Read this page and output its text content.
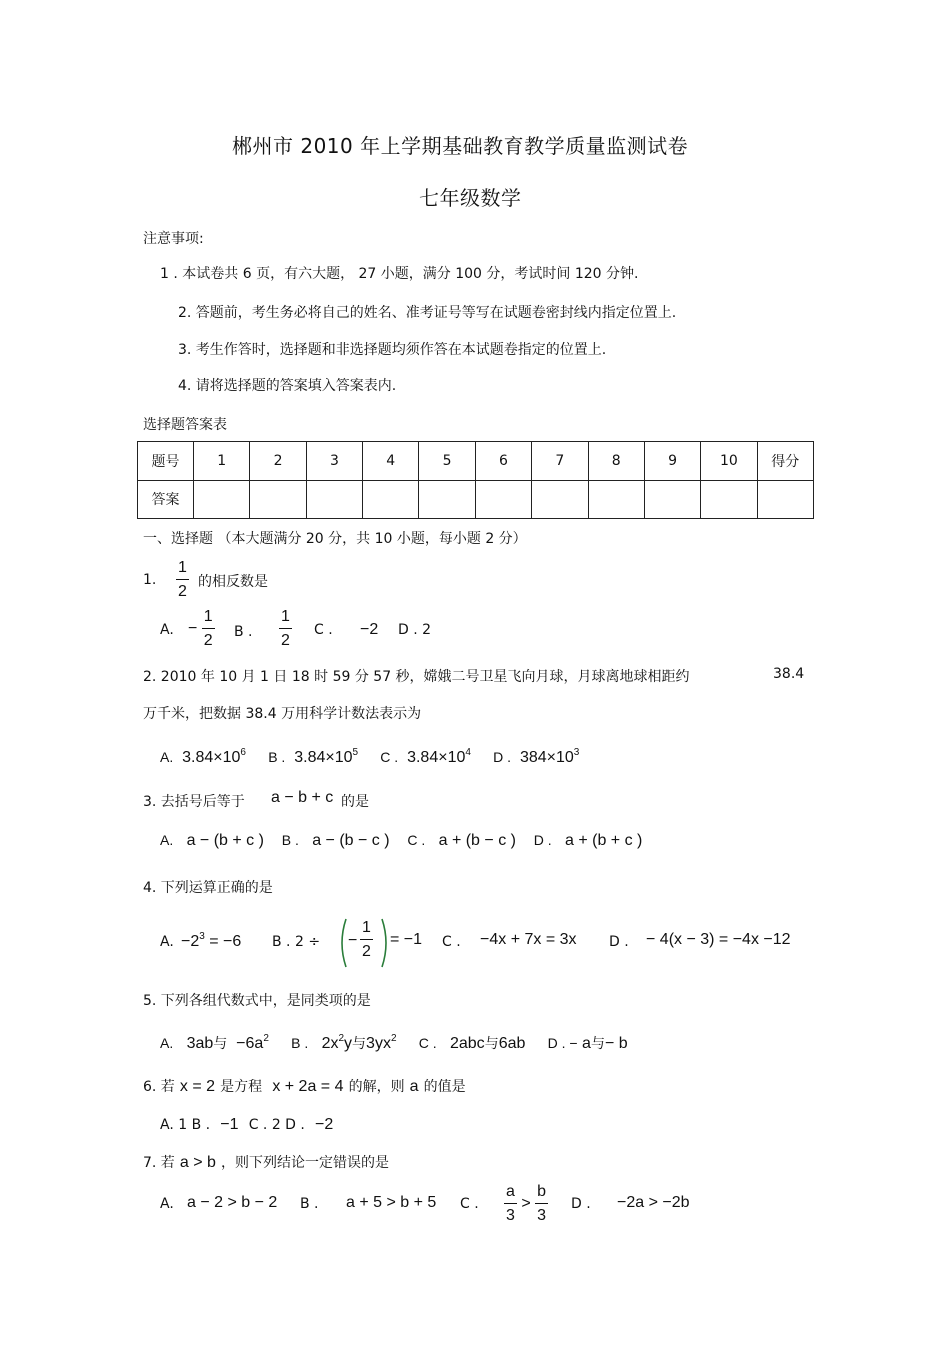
郴州市 2010 年上学期基础教育教学质量监测试卷
七年级数学
注意事项:
1 . 本试卷共 6 页，有六大题， 27 小题，满分 100 分，考试时间 120 分钟.
2. 答题前，考生务必将自己的姓名、准考证号等写在试题卷密封线内指定位置上.
3. 考生作答时，选择题和非选择题均须作答在本试题卷指定的位置上.
4. 请将选择题的答案填入答案表内.
选择题答案表
题号	1	2	3	4	5	6	7	8	9	10	得分
答案											
一、选择题 （本大题满分 20 分，共 10 小题，每小题 2 分）
1. $\frac{1}{2}$ 的相反数是
A. − $\frac{1}{2}$ B . $\frac{1}{2}$ C . −2 D . 2
2. 2010 年 10 月 1 日 18 时 59 分 57 秒，嫦娥二号卫星飞向月球，月球离地球相距约	38.4
万千米，把数据 38.4 万用科学计数法表示为
A. $3.84\times 10^6$ B . $3.84\times 10^5$ C . $3.84\times 10^4$ D . $384\times 10^3$
3. 去括号后等于 a − b + c 的是
A. a − (b + c ) B . a − (b − c ) C . a + (b − c ) D . a + (b + c )
4. 下列运算正确的是
A. $-2^3 = -6$ B . 2 ÷ − $\frac{1}{2} = -1$ C . −4x + 7x = 3x D . − 4(x − 3) = −4x −12
5. 下列各组代数式中，是同类项的是
A. 3ab与 $-6a^2$ B . $2x^2y$与$3yx^2$ C . 2abc与6ab D . − a与− b
6. 若 x = 2 是方程 x + 2a = 4 的解，则 a 的值是
A. 1 B . −1 C . 2 D . −2
7. 若 a > b ，则下列结论一定错误的是
A. a − 2 > b − 2 B . a + 5 > b + 5 C . $\frac{a}{3} > \frac{b}{3}$ D . −2a > −2b
